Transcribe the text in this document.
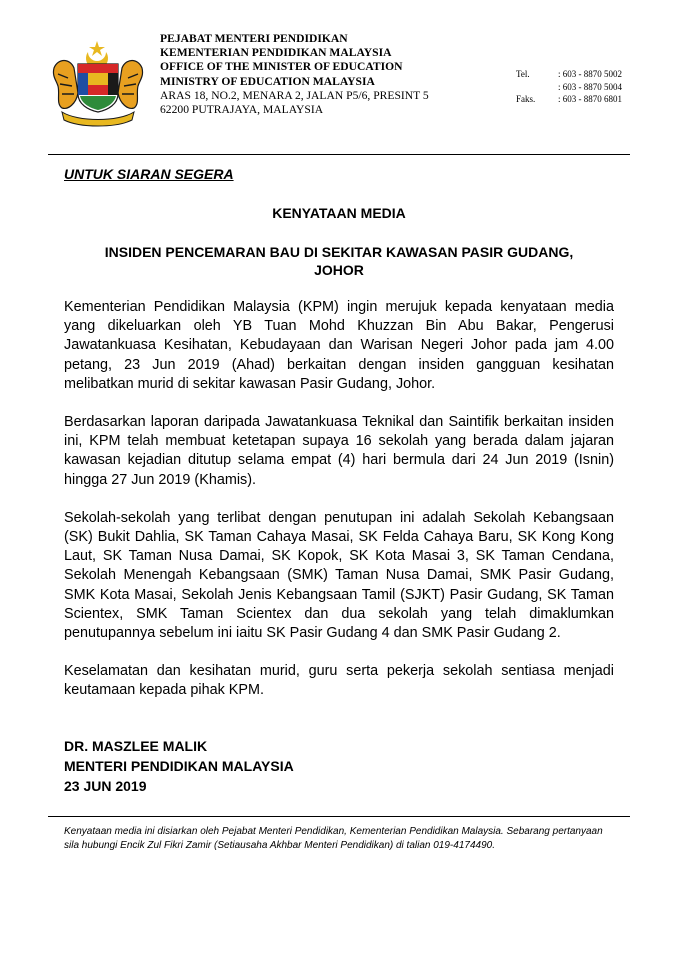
PEJABAT MENTERI PENDIDIKAN
KEMENTERIAN PENDIDIKAN MALAYSIA
OFFICE OF THE MINISTER OF EDUCATION
MINISTRY OF EDUCATION MALAYSIA
ARAS 18, NO.2, MENARA 2, JALAN P5/6, PRESINT 5
62200 PUTRAJAYA, MALAYSIA
Tel.	: 603 - 8870 5002
: 603 - 8870 5004
Faks.	: 603 - 8870 6801
UNTUK SIARAN SEGERA
KENYATAAN MEDIA
INSIDEN PENCEMARAN BAU DI SEKITAR KAWASAN PASIR GUDANG,
JOHOR

Kementerian Pendidikan Malaysia (KPM) ingin merujuk kepada kenyataan media yang dikeluarkan oleh YB Tuan Mohd Khuzzan Bin Abu Bakar, Pengerusi Jawatankuasa Kesihatan, Kebudayaan dan Warisan Negeri Johor pada jam 4.00 petang, 23 Jun 2019 (Ahad) berkaitan dengan insiden gangguan kesihatan melibatkan murid di sekitar kawasan Pasir Gudang, Johor.

Berdasarkan laporan daripada Jawatankuasa Teknikal dan Saintifik berkaitan insiden ini, KPM telah membuat ketetapan supaya 16 sekolah yang berada dalam jajaran kawasan kejadian ditutup selama empat (4) hari bermula dari 24 Jun 2019 (Isnin) hingga 27 Jun 2019 (Khamis).

Sekolah-sekolah yang terlibat dengan penutupan ini adalah Sekolah Kebangsaan (SK) Bukit Dahlia, SK Taman Cahaya Masai, SK Felda Cahaya Baru, SK Kong Kong Laut, SK Taman Nusa Damai, SK Kopok, SK Kota Masai 3, SK Taman Cendana, Sekolah Menengah Kebangsaan (SMK) Taman Nusa Damai, SMK Pasir Gudang, SMK Kota Masai, Sekolah Jenis Kebangsaan Tamil (SJKT) Pasir Gudang, SK Taman Scientex, SMK Taman Scientex dan dua sekolah yang telah dimaklumkan penutupannya sebelum ini iaitu SK Pasir Gudang 4 dan SMK Pasir Gudang 2.

Keselamatan dan kesihatan murid, guru serta pekerja sekolah sentiasa menjadi keutamaan kepada pihak KPM.

DR. MASZLEE MALIK
MENTERI PENDIDIKAN MALAYSIA
23 JUN 2019
Kenyataan media ini disiarkan oleh Pejabat Menteri Pendidikan, Kementerian Pendidikan Malaysia. Sebarang pertanyaan sila hubungi Encik Zul Fikri Zamir (Setiausaha Akhbar Menteri Pendidikan) di talian 019-4174490.
